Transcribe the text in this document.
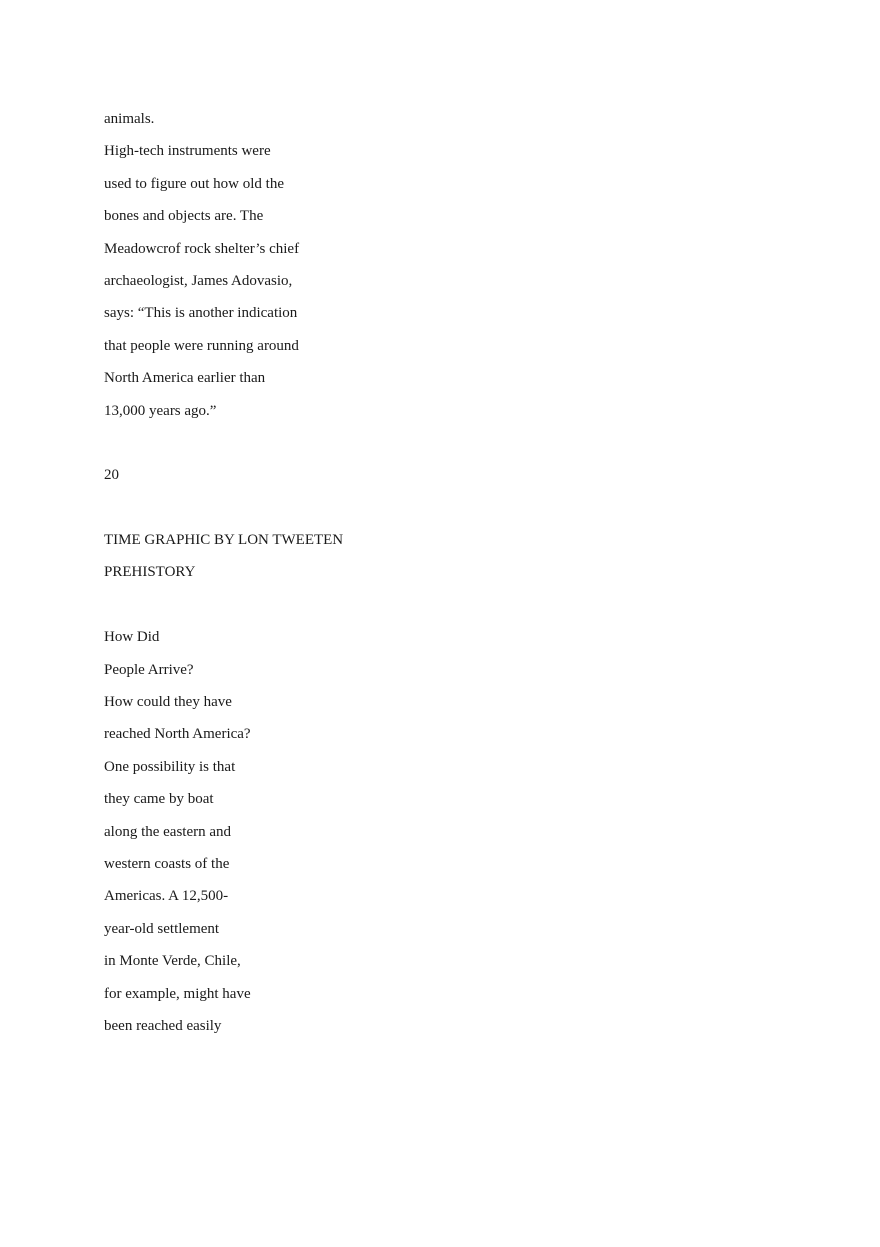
animals.
High-tech instruments were
used to figure out how old the
bones and objects are. The
Meadowcrof rock shelter’s chief
archaeologist, James Adovasio,
says: “This is another indication
that people were running around
North America earlier than
13,000 years ago.”
20
TIME GRAPHIC BY LON TWEETEN
PREHISTORY
How Did
People Arrive?
How could they have
reached North America?
One possibility is that
they came by boat
along the eastern and
western coasts of the
Americas. A 12,500-
year-old settlement
in Monte Verde, Chile,
for example, might have
been reached easily
